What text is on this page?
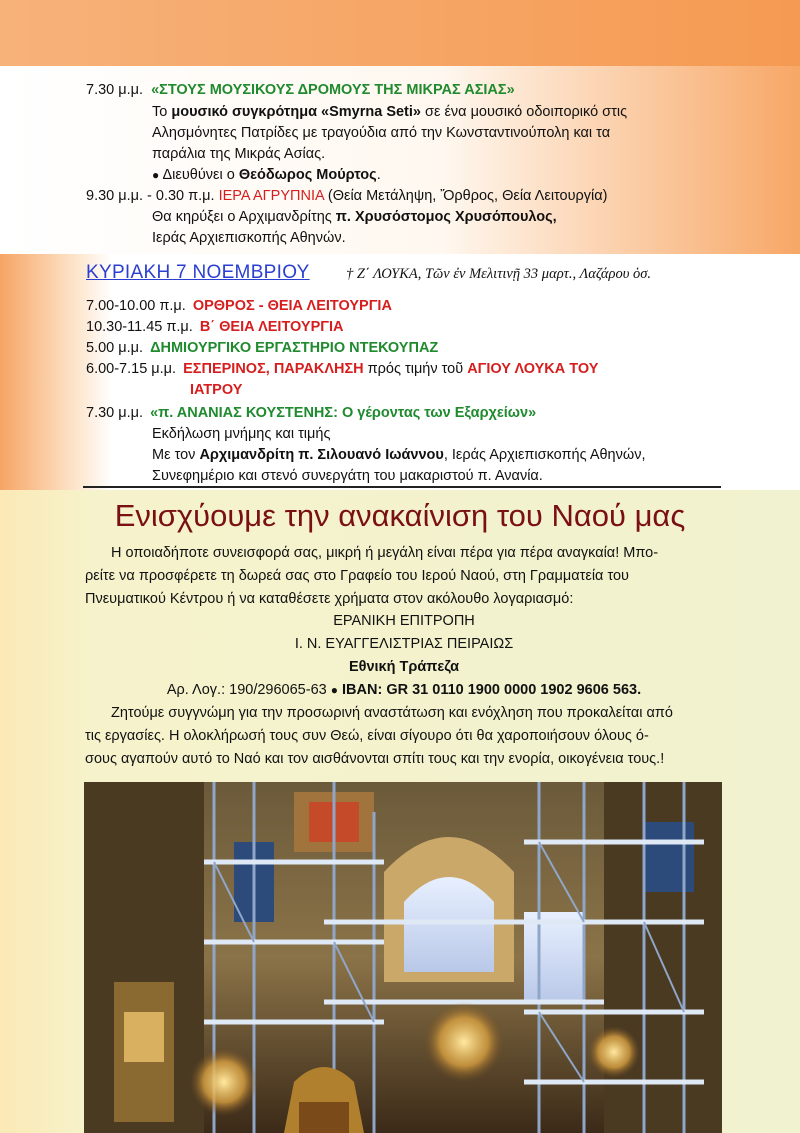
7.30 μ.μ. «ΣΤΟΥΣ ΜΟΥΣΙΚΟΥΣ ΔΡΟΜΟΥΣ ΤΗΣ ΜΙΚΡΑΣ ΑΣΙΑΣ»
Το μουσικό συγκρότημα «Smyrna Seti» σε ένα μουσικό οδοιπορικό στις
Αλησμόνητες Πατρίδες με τραγούδια από την Κωνσταντινούπολη και τα
παράλια της Μικράς Ασίας.
● Διευθύνει ο Θεόδωρος Μούρτος.
9.30 μ.μ. - 0.30 π.μ. ΙΕΡΑ ΑΓΡΥΠΝΙΑ (Θεία Μετάληψη, Ὄρθρος, Θεία Λειτουργία)
Θα κηρύξει ο Αρχιμανδρίτης π. Χρυσόστομος Χρυσόπουλος,
Ιεράς Αρχιεπισκοπής Αθηνών.
ΚΥΡΙΑΚΗ 7 ΝΟΕΜΒΡΙΟΥ	† Ζ΄ ΛΟΥΚΑ, Τῶν ἐν Μελιτινῇ 33 μαρτ., Λαζάρου ὁσ.
7.00-10.00 π.μ. ΟΡΘΡΟΣ - ΘΕΙΑ ΛΕΙΤΟΥΡΓΙΑ
10.30-11.45 π.μ. Β΄ ΘΕΙΑ ΛΕΙΤΟΥΡΓΙΑ
5.00 μ.μ. ΔΗΜΙΟΥΡΓΙΚΟ ΕΡΓΑΣΤΗΡΙΟ ΝΤΕΚΟΥΠΑΖ
6.00-7.15 μ.μ. ΕΣΠΕΡΙΝΟΣ, ΠΑΡΑΚΛΗΣΗ πρός τιμήν τοῦ ΑΓΙΟΥ ΛΟΥΚΑ ΤΟΥ
ΙΑΤΡΟΥ
7.30 μ.μ. «π. ΑΝΑΝΙΑΣ ΚΟΥΣΤΕΝΗΣ: Ο γέροντας των Εξαρχείων»
Εκδήλωση μνήμης και τιμής
Με τον Αρχιμανδρίτη π. Σιλουανό Ιωάννου, Ιεράς Αρχιεπισκοπής Αθηνών,
Συνεφημέριο και στενό συνεργάτη του μακαριστού π. Ανανία.
Ενισχύουμε την ανακαίνιση του Ναού μας
Η οποιαδήποτε συνεισφορά σας, μικρή ή μεγάλη είναι πέρα για πέρα αναγκαία! Μπο-
ρείτε να προσφέρετε τη δωρεά σας στο Γραφείο του Ιερού Ναού, στη Γραμματεία του
Πνευματικού Κέντρου ή να καταθέσετε χρήματα στον ακόλουθο λογαριασμό:
ΕΡΑΝΙΚΗ ΕΠΙΤΡΟΠΗ
Ι. Ν. ΕΥΑΓΓΕΛΙΣΤΡΙΑΣ ΠΕΙΡΑΙΩΣ
Εθνική Τράπεζα
Αρ. Λογ.: 190/296065-63 ● IBAN: GR 31 0110 1900 0000 1902 9606 563.
Ζητούμε συγγνώμη για την προσωρινή αναστάτωση και ενόχληση που προκαλείται από
τις εργασίες. Η ολοκλήρωσή τους συν Θεώ, είναι σίγουρο ότι θα χαροποιήσουν όλους ό-
σους αγαπούν αυτό το Ναό και τον αισθάνονται σπίτι τους και την ενορία, οικογένεια τους.!
